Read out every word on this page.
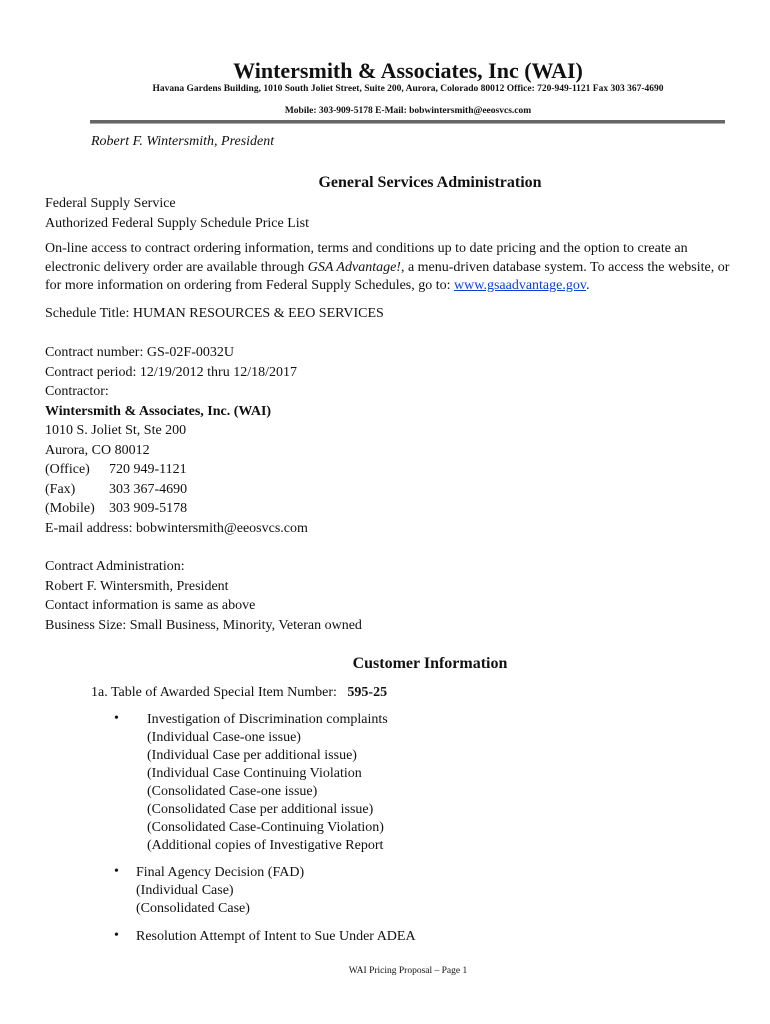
Wintersmith & Associates, Inc (WAI)
Havana Gardens Building, 1010 South Joliet Street, Suite 200, Aurora, Colorado 80012 Office: 720-949-1121 Fax 303 367-4690
Mobile: 303-909-5178 E-Mail: bobwintersmith@eeosvcs.com
Robert F. Wintersmith, President
General Services Administration
Federal Supply Service
Authorized Federal Supply Schedule Price List
On-line access to contract ordering information, terms and conditions up to date pricing and the option to create an electronic delivery order are available through GSA Advantage!, a menu-driven database system. To access the website, or for more information on ordering from Federal Supply Schedules, go to: www.gsaadvantage.gov.
Schedule Title: HUMAN RESOURCES & EEO SERVICES
Contract number: GS-02F-0032U
Contract period: 12/19/2012 thru 12/18/2017
Contractor:
Wintersmith & Associates, Inc. (WAI)
1010 S. Joliet St, Ste 200
Aurora, CO 80012
(Office) 720 949-1121
(Fax) 303 367-4690
(Mobile) 303 909-5178
E-mail address: bobwintersmith@eeosvcs.com
Contract Administration:
Robert F. Wintersmith, President
Contact information is same as above
Business Size: Small Business, Minority, Veteran owned
Customer Information
1a. Table of Awarded Special Item Number: 595-25
• Investigation of Discrimination complaints
(Individual Case-one issue)
(Individual Case per additional issue)
(Individual Case Continuing Violation
(Consolidated Case-one issue)
(Consolidated Case per additional issue)
(Consolidated Case-Continuing Violation)
(Additional copies of Investigative Report
• Final Agency Decision (FAD)
(Individual Case)
(Consolidated Case)
• Resolution Attempt of Intent to Sue Under ADEA
WAI Pricing Proposal – Page 1
